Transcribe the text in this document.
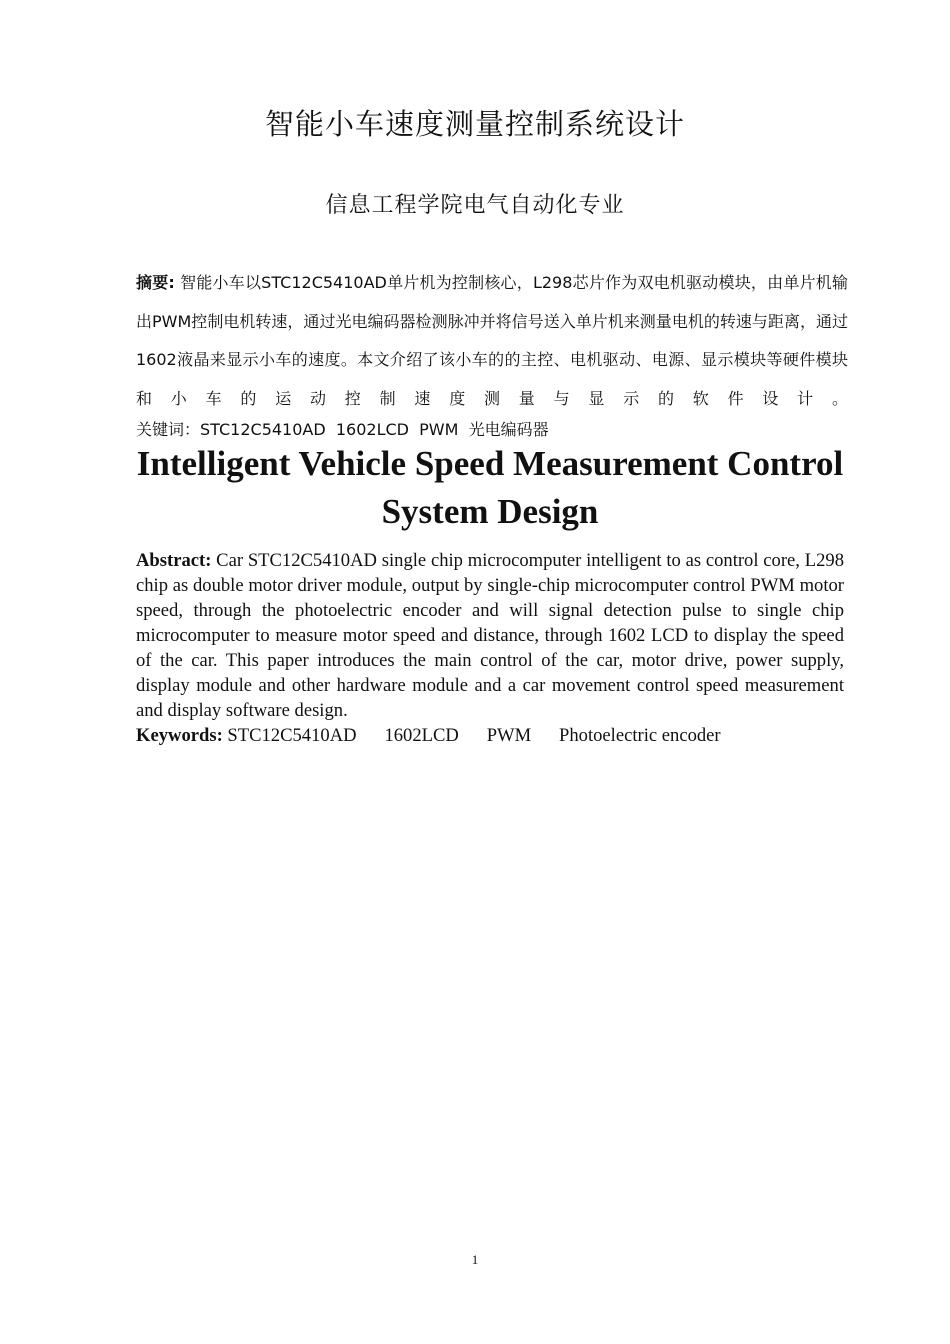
智能小车速度测量控制系统设计
信息工程学院电气自动化专业
摘要: 智能小车以STC12C5410AD单片机为控制核心，L298芯片作为双电机驱动模块，由单片机输出PWM控制电机转速，通过光电编码器检测脉冲并将信号送入单片机来测量电机的转速与距离，通过1602液晶来显示小车的速度。本文介绍了该小车的的主控、电机驱动、电源、显示模块等硬件模块和小车的运动控制速度测量与显示的软件设计。
关键词：STC12C5410AD  1602LCD  PWM  光电编码器
Intelligent Vehicle Speed Measurement Control
System Design
Abstract: Car STC12C5410AD single chip microcomputer intelligent to as control core, L298 chip as double motor driver module, output by single-chip microcomputer control PWM motor speed, through the photoelectric encoder and will signal detection pulse to single chip microcomputer to measure motor speed and distance, through 1602 LCD to display the speed of the car. This paper introduces the main control of the car, motor drive, power supply, display module and other hardware module and a car movement control speed measurement and display software design.
Keywords: STC12C5410AD      1602LCD      PWM      Photoelectric encoder
1
